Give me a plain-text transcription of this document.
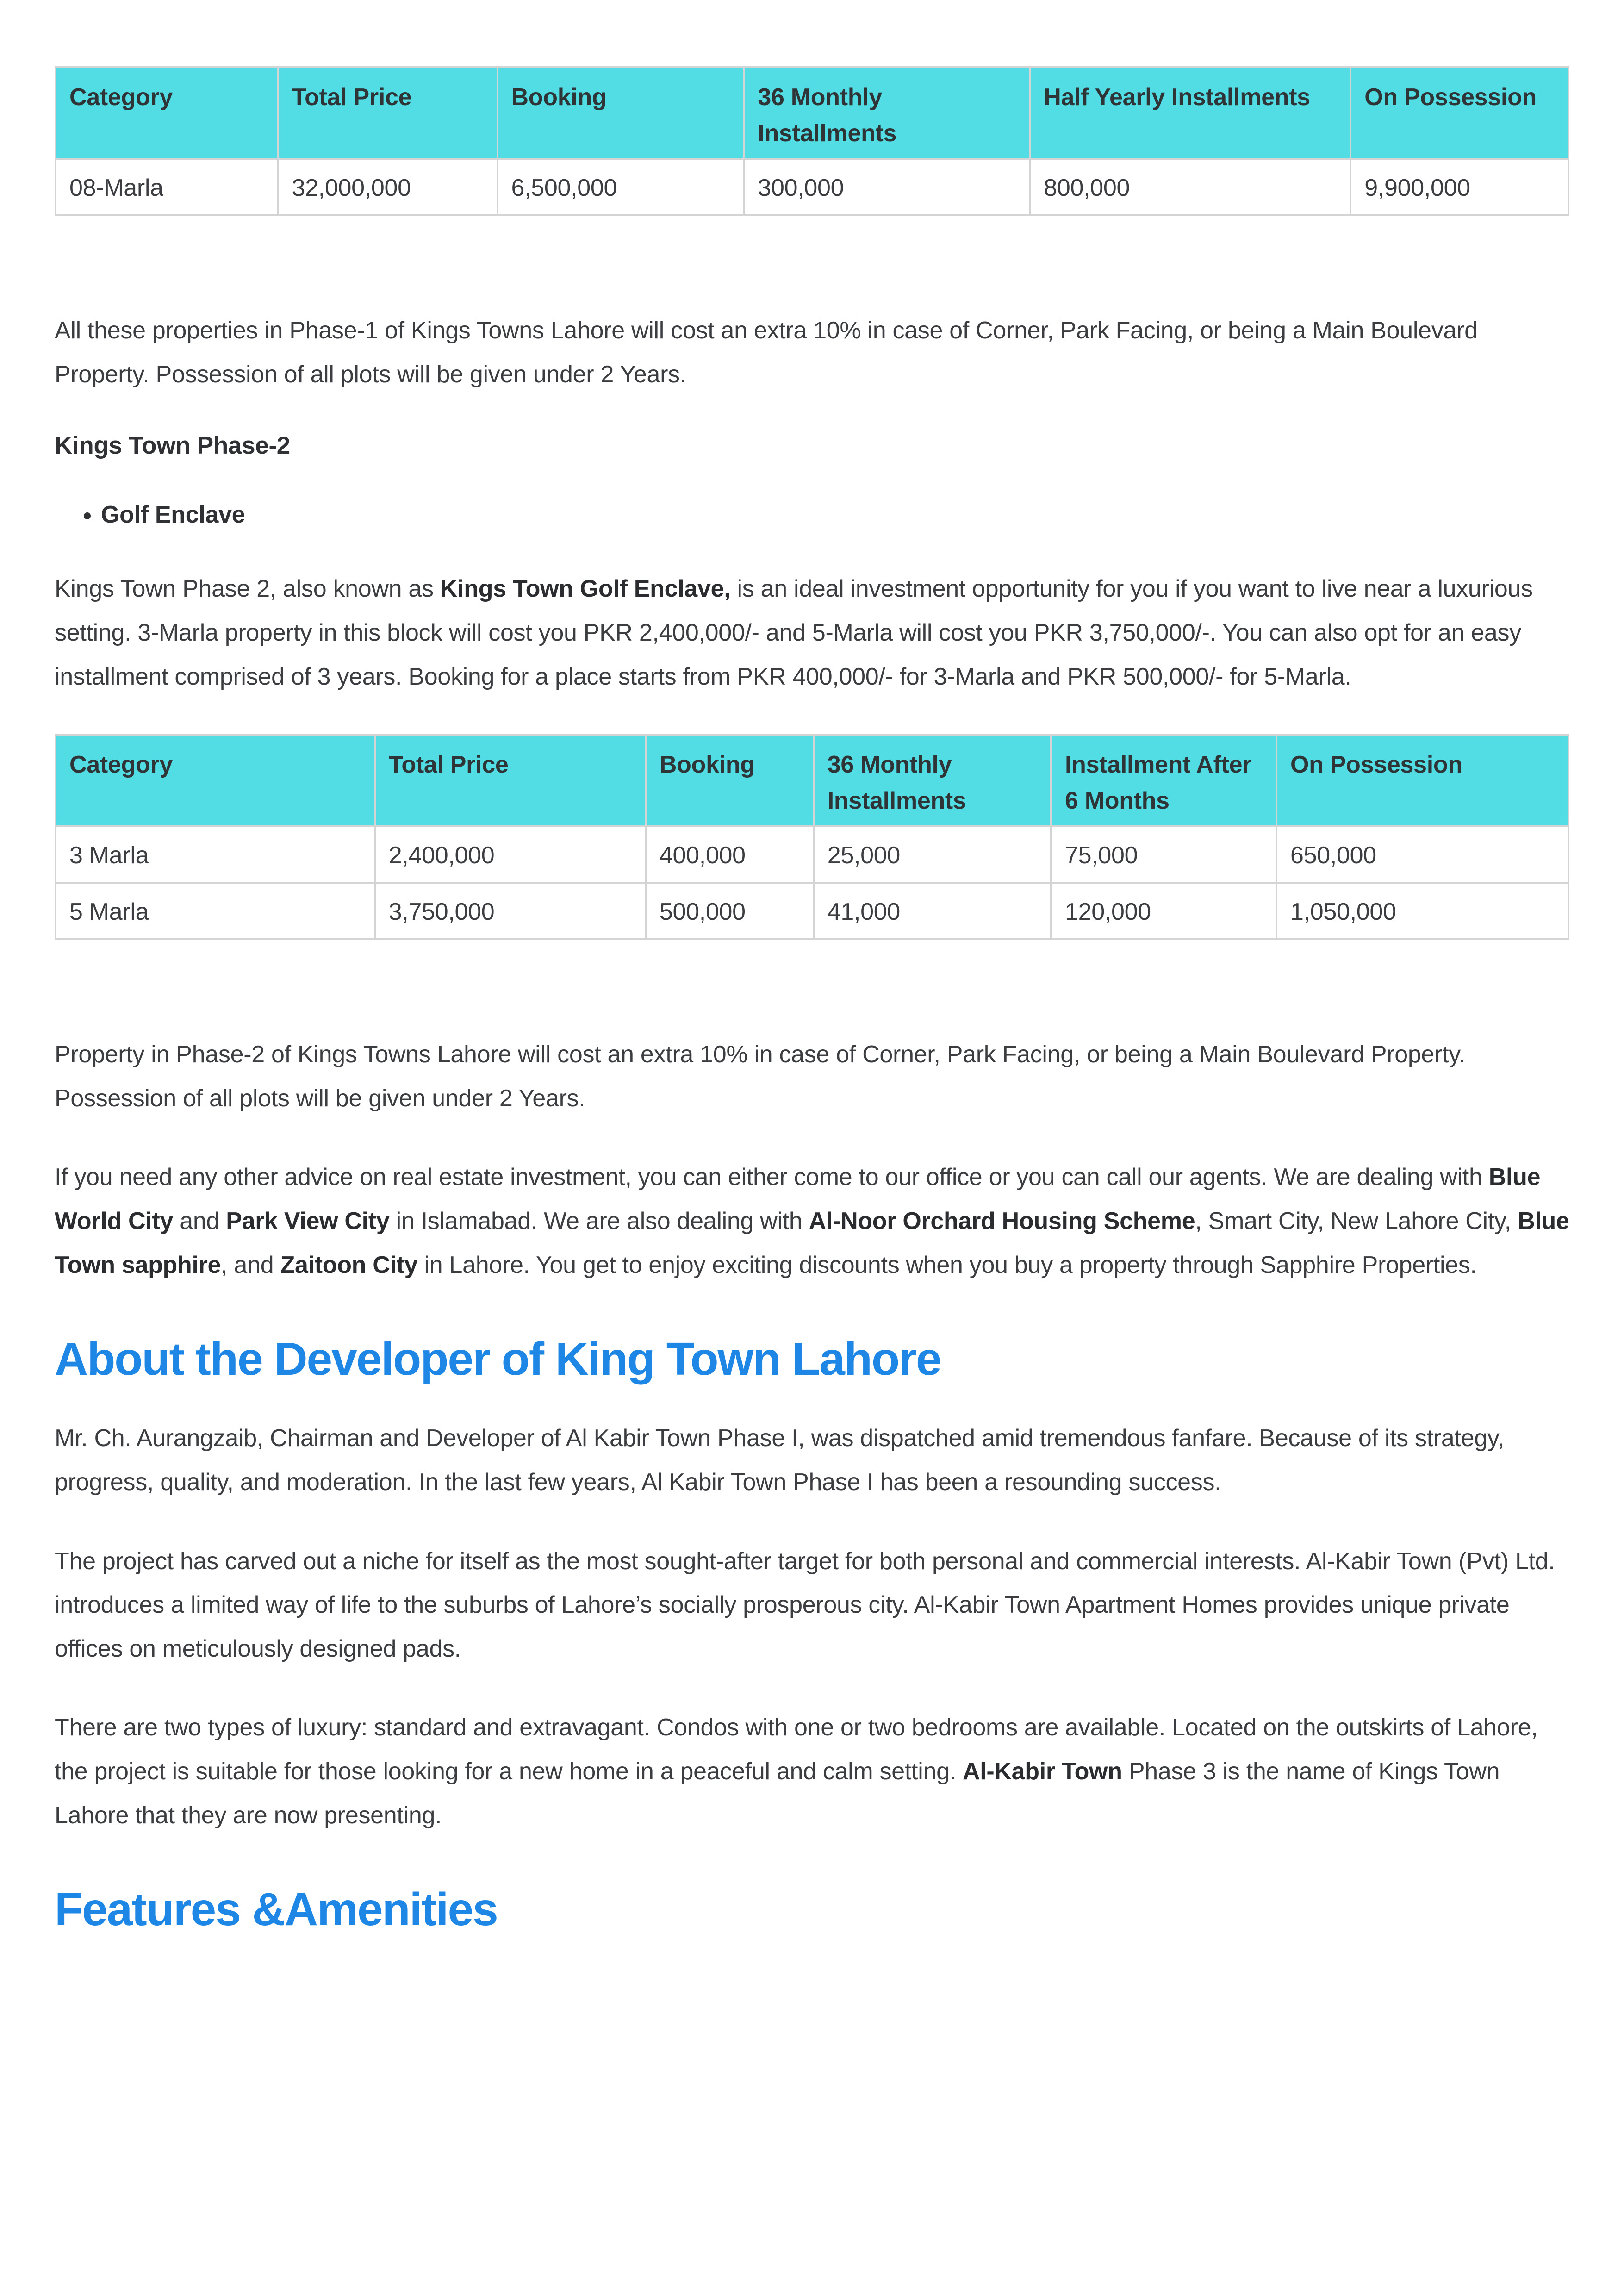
Category	Total Price	Booking	36 Monthly Installments	Half Yearly Installments	On Possession
08-Marla	32,000,000	6,500,000	300,000	800,000	9,900,000

All these properties in Phase-1 of Kings Towns Lahore will cost an extra 10% in case of Corner, Park Facing, or being a Main Boulevard Property. Possession of all plots will be given under 2 Years.

Kings Town Phase-2
• Golf Enclave

Kings Town Phase 2, also known as Kings Town Golf Enclave, is an ideal investment opportunity for you if you want to live near a luxurious setting. 3-Marla property in this block will cost you PKR 2,400,000/- and 5-Marla will cost you PKR 3,750,000/-. You can also opt for an easy installment comprised of 3 years. Booking for a place starts from PKR 400,000/- for 3-Marla and PKR 500,000/- for 5-Marla.

Category	Total Price	Booking	36 Monthly Installments	Installment After 6 Months	On Possession
3 Marla	2,400,000	400,000	25,000	75,000	650,000
5 Marla	3,750,000	500,000	41,000	120,000	1,050,000

Property in Phase-2 of Kings Towns Lahore will cost an extra 10% in case of Corner, Park Facing, or being a Main Boulevard Property. Possession of all plots will be given under 2 Years.

If you need any other advice on real estate investment, you can either come to our office or you can call our agents. We are dealing with Blue World City and Park View City in Islamabad. We are also dealing with Al-Noor Orchard Housing Scheme, Smart City, New Lahore City, Blue Town sapphire, and Zaitoon City in Lahore. You get to enjoy exciting discounts when you buy a property through Sapphire Properties.

About the Developer of King Town Lahore

Mr. Ch. Aurangzaib, Chairman and Developer of Al Kabir Town Phase I, was dispatched amid tremendous fanfare. Because of its strategy, progress, quality, and moderation. In the last few years, Al Kabir Town Phase I has been a resounding success.

The project has carved out a niche for itself as the most sought-after target for both personal and commercial interests. Al-Kabir Town (Pvt) Ltd. introduces a limited way of life to the suburbs of Lahore’s socially prosperous city. Al-Kabir Town Apartment Homes provides unique private offices on meticulously designed pads.

There are two types of luxury: standard and extravagant. Condos with one or two bedrooms are available. Located on the outskirts of Lahore, the project is suitable for those looking for a new home in a peaceful and calm setting. Al-Kabir Town Phase 3 is the name of Kings Town Lahore that they are now presenting.

Features &Amenities
